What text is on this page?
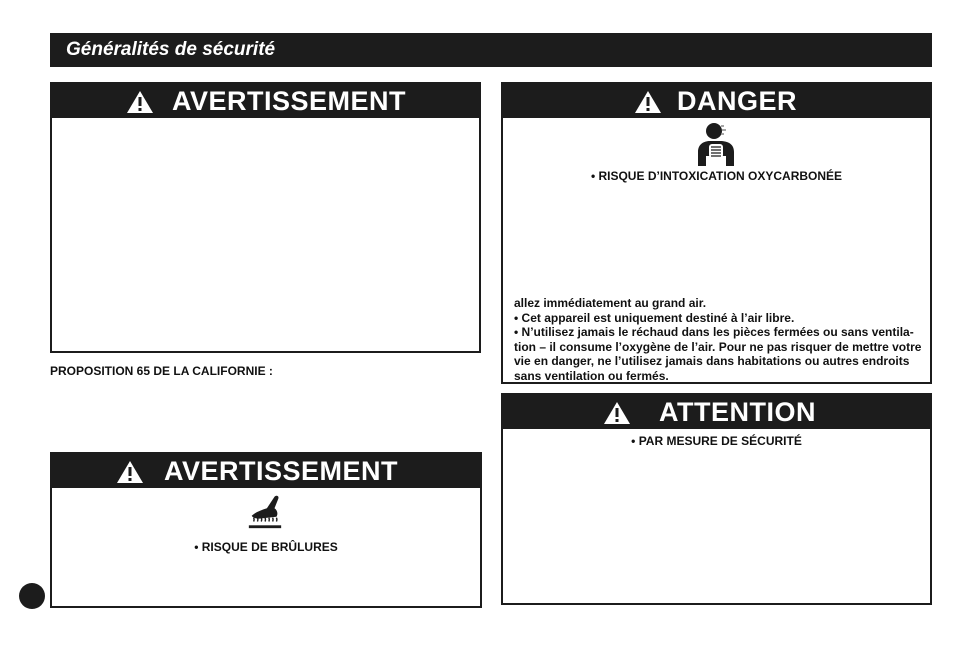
Généralités de sécurité
AVERTISSEMENT
PROPOSITION 65 DE LA CALIFORNIE :
AVERTISSEMENT
• RISQUE DE BRÛLURES
DANGER
• RISQUE D’INTOXICATION OXYCARBONÉE

allez immédiatement au grand air.

• Cet appareil est uniquement destiné à l’air libre.

• N’utilisez jamais le réchaud dans les pièces fermées ou sans ventila-

tion – il consume l’oxygène de l’air. Pour ne pas risquer de mettre votre

vie en danger, ne l’utilisez jamais dans habitations ou autres endroits

sans ventilation ou fermés.

ATTENTION
• PAR MESURE DE SÉCURITÉ
